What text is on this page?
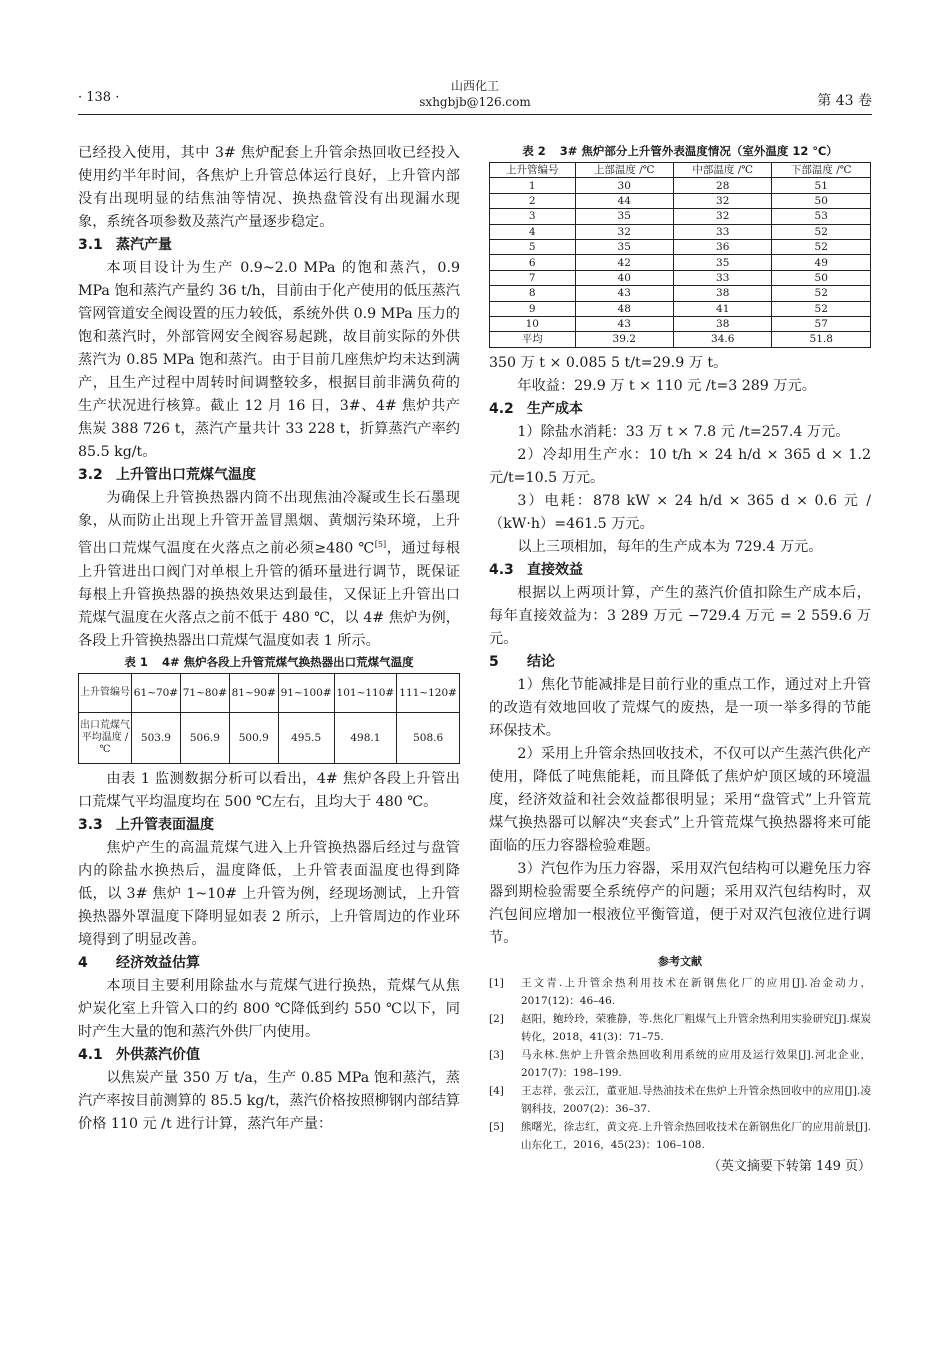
· 138 ·
山西化工
sxhgbjb@126.com	第 43 卷

已经投入使用，其中 3# 焦炉配套上升管余热回收已经投入使用约半年时间，各焦炉上升管总体运行良好，上升管内部没有出现明显的结焦油等情况、换热盘管没有出现漏水现象，系统各项参数及蒸汽产量逐步稳定。

3.1 蒸汽产量

本项目设计为生产 0.9~2.0 MPa 的饱和蒸汽，0.9 MPa 饱和蒸汽产量约 36 t/h，目前由于化产使用的低压蒸汽管网管道安全阀设置的压力较低，系统外供 0.9 MPa 压力的饱和蒸汽时，外部管网安全阀容易起跳，故目前实际的外供蒸汽为 0.85 MPa 饱和蒸汽。由于目前几座焦炉均未达到满产，且生产过程中周转时间调整较多，根据目前非满负荷的生产状况进行核算。截止 12 月 16 日，3#、4# 焦炉共产焦炭 388 726 t，蒸汽产量共计 33 228 t，折算蒸汽产率约 85.5 kg/t。

3.2 上升管出口荒煤气温度

为确保上升管换热器内筒不出现焦油冷凝或生长石墨现象，从而防止出现上升管开盖冒黑烟、黄烟污染环境，上升管出口荒煤气温度在火落点之前必须≥480 ℃[5]，通过每根上升管进出口阀门对单根上升管的循环量进行调节，既保证每根上升管换热器的换热效果达到最佳，又保证上升管出口荒煤气温度在火落点之前不低于 480 ℃，以 4# 焦炉为例，各段上升管换热器出口荒煤气温度如表 1 所示。

表 1 4# 焦炉各段上升管荒煤气换热器出口荒煤气温度
上升管编号	61~70#	71~80#	81~90#	91~100#	101~110#	111~120#
出口荒煤气平均温度 /℃	503.9	506.9	500.9	495.5	498.1	508.6

由表 1 监测数据分析可以看出，4# 焦炉各段上升管出口荒煤气平均温度均在 500 ℃左右，且均大于 480 ℃。

3.3 上升管表面温度

焦炉产生的高温荒煤气进入上升管换热器后经过与盘管内的除盐水换热后，温度降低，上升管表面温度也得到降低，以 3# 焦炉 1~10# 上升管为例，经现场测试，上升管换热器外罩温度下降明显如表 2 所示，上升管周边的作业环境得到了明显改善。

4 经济效益估算

本项目主要利用除盐水与荒煤气进行换热，荒煤气从焦炉炭化室上升管入口的约 800 ℃降低到约 550 ℃以下，同时产生大量的饱和蒸汽外供厂内使用。

4.1 外供蒸汽价值

以焦炭产量 350 万 t/a，生产 0.85 MPa 饱和蒸汽，蒸汽产率按目前测算的 85.5 kg/t，蒸汽价格按照柳钢内部结算价格 110 元 /t 进行计算，蒸汽年产量：

表 2 3# 焦炉部分上升管外表温度情况（室外温度 12 ℃）
上升管编号	上部温度 /℃	中部温度 /℃	下部温度 /℃
1	30	28	51
2	44	32	50
3	35	32	53
4	32	33	52
5	35	36	52
6	42	35	49
7	40	33	50
8	43	38	52
9	48	41	52
10	43	38	57
平均	39.2	34.6	51.8

350 万 t × 0.085 5 t/t=29.9 万 t。

年收益：29.9 万 t × 110 元 /t=3 289 万元。

4.2 生产成本

1）除盐水消耗：33 万 t × 7.8 元 /t=257.4 万元。

2）冷却用生产水：10 t/h × 24 h/d × 365 d × 1.2 元/t=10.5 万元。

3）电耗：878 kW × 24 h/d × 365 d × 0.6 元 /（kW·h）=461.5 万元。

以上三项相加，每年的生产成本为 729.4 万元。

4.3 直接效益

根据以上两项计算，产生的蒸汽价值扣除生产成本后，每年直接效益为：3 289 万元 −729.4 万元 = 2 559.6 万元。

5 结论

1）焦化节能减排是目前行业的重点工作，通过对上升管的改造有效地回收了荒煤气的废热，是一项一举多得的节能环保技术。

2）采用上升管余热回收技术，不仅可以产生蒸汽供化产使用，降低了吨焦能耗，而且降低了焦炉炉顶区域的环境温度，经济效益和社会效益都很明显；采用“盘管式”上升管荒煤气换热器可以解决“夹套式”上升管荒煤气换热器将来可能面临的压力容器检验难题。

3）汽包作为压力容器，采用双汽包结构可以避免压力容器到期检验需要全系统停产的问题；采用双汽包结构时，双汽包间应增加一根液位平衡管道，便于对双汽包液位进行调节。

参考文献
[1]	王文青.上升管余热利用技术在新钢焦化厂的应用[J].冶金动力，2017(12)：46–46.
[2]	赵阳，鲍玲玲，荣雅静，等.焦化厂粗煤气上升管余热利用实验研究[J].煤炭转化，2018，41(3)：71–75.
[3]	马永林.焦炉上升管余热回收利用系统的应用及运行效果[J].河北企业，2017(7)：198–199.
[4]	王志祥，张云江，董亚旭.导热油技术在焦炉上升管余热回收中的应用[J].凌钢科技，2007(2)：36–37.
[5]	熊曙光，徐志红，黄文亮.上升管余热回收技术在新钢焦化厂的应用前景[J].山东化工，2016，45(23)：106–108.
（英文摘要下转第 149 页）
